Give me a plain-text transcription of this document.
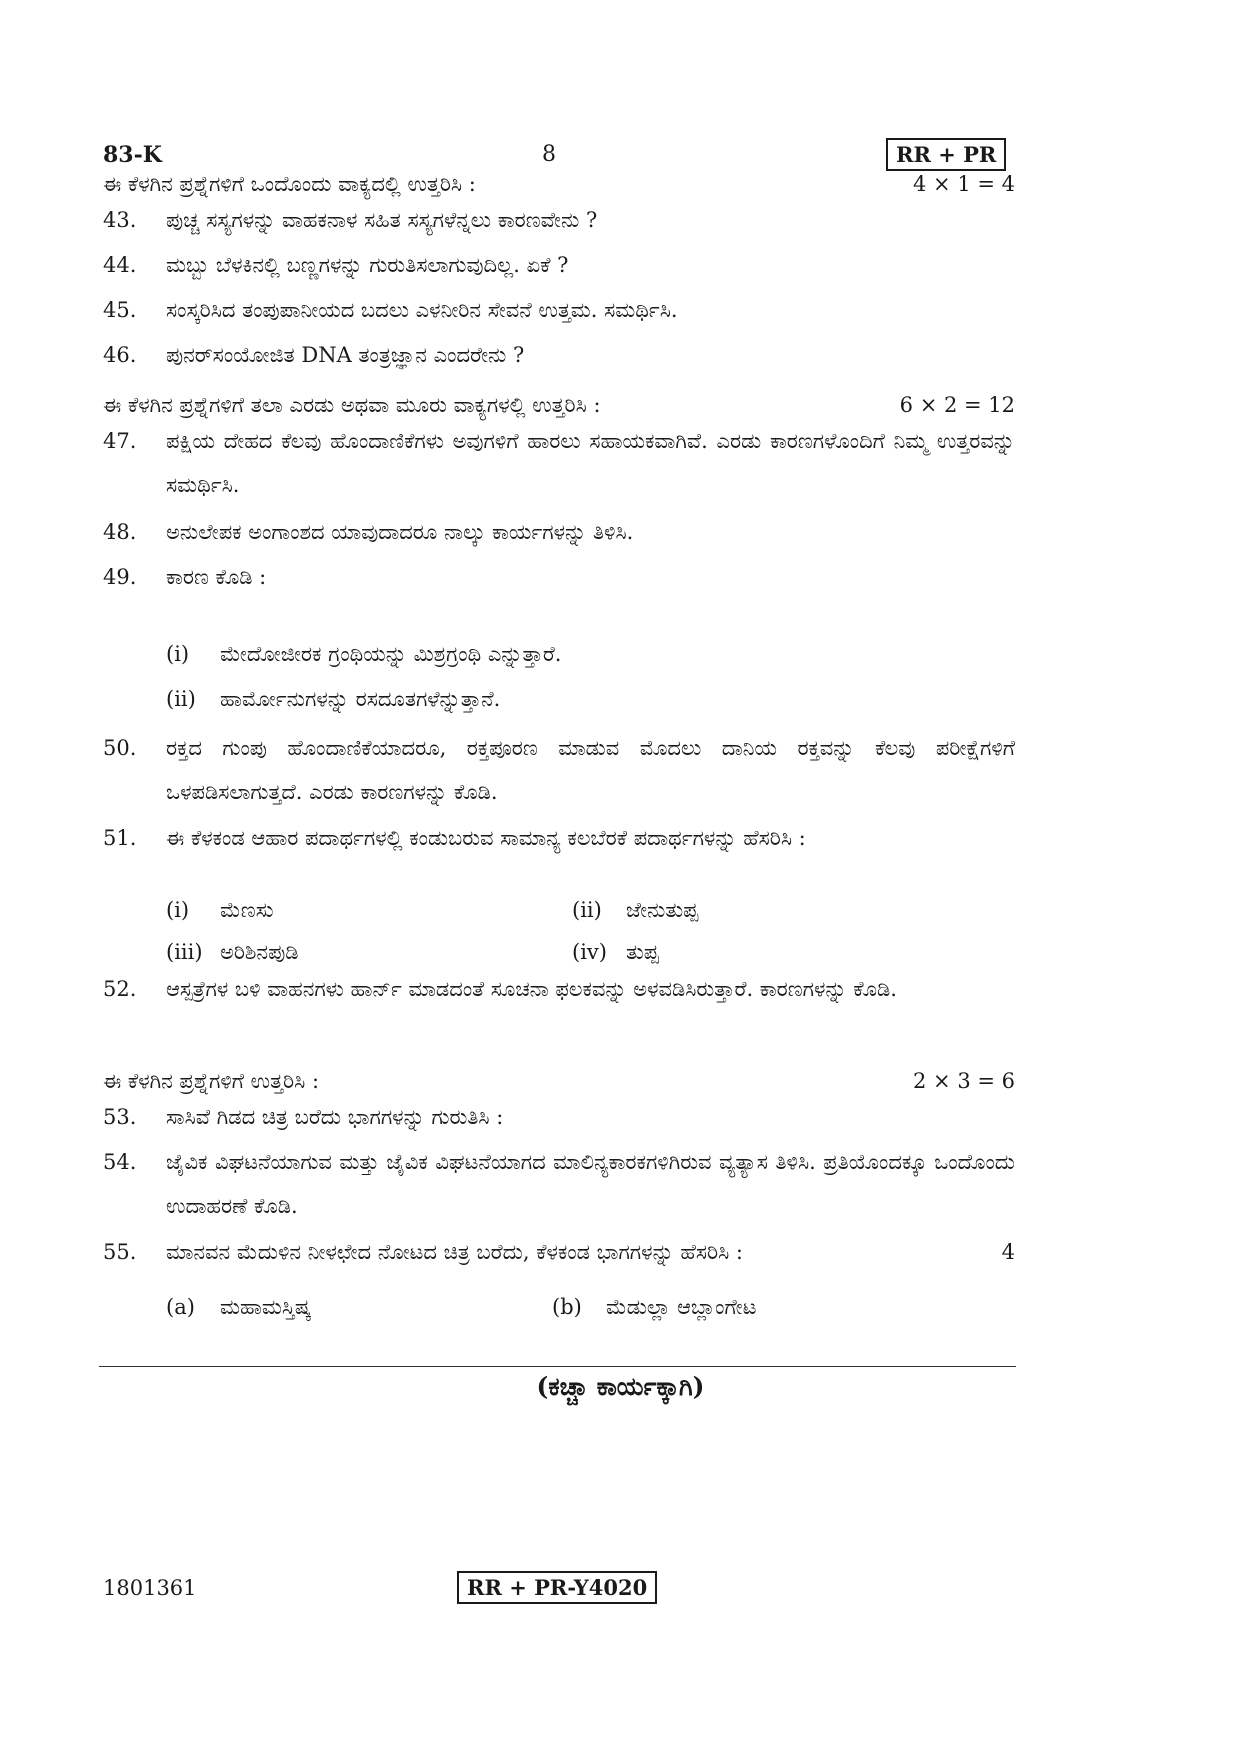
83-K	8	RR + PR
ಈ ಕೆಳಗಿನ ಪ್ರಶ್ನೆಗಳಿಗೆ ಒಂದೊಂದು ವಾಕ್ಯದಲ್ಲಿ ಉತ್ತರಿಸಿ :	4 × 1 = 4
43.	ಪುಚ್ಚ ಸಸ್ಯಗಳನ್ನು ವಾಹಕನಾಳ ಸಹಿತ ಸಸ್ಯಗಳೆನ್ನಲು ಕಾರಣವೇನು ?
44.	ಮಬ್ಬು ಬೆಳಕಿನಲ್ಲಿ ಬಣ್ಣಗಳನ್ನು ಗುರುತಿಸಲಾಗುವುದಿಲ್ಲ. ಏಕೆ ?
45.	ಸಂಸ್ಕರಿಸಿದ ತಂಪುಪಾನೀಯದ ಬದಲು ಎಳನೀರಿನ ಸೇವನೆ ಉತ್ತಮ. ಸಮರ್ಥಿಸಿ.
46.	ಪುನರ್‌ಸಂಯೋಜಿತ DNA ತಂತ್ರಜ್ಞಾನ ಎಂದರೇನು ?
ಈ ಕೆಳಗಿನ ಪ್ರಶ್ನೆಗಳಿಗೆ ತಲಾ ಎರಡು ಅಥವಾ ಮೂರು ವಾಕ್ಯಗಳಲ್ಲಿ ಉತ್ತರಿಸಿ :	6 × 2 = 12
47.	ಪಕ್ಷಿಯ ದೇಹದ ಕೆಲವು ಹೊಂದಾಣಿಕೆಗಳು ಅವುಗಳಿಗೆ ಹಾರಲು ಸಹಾಯಕವಾಗಿವೆ. ಎರಡು ಕಾರಣಗಳೊಂದಿಗೆ ನಿಮ್ಮ ಉತ್ತರವನ್ನು ಸಮರ್ಥಿಸಿ.
48.	ಅನುಲೇಪಕ ಅಂಗಾಂಶದ ಯಾವುದಾದರೂ ನಾಲ್ಕು ಕಾರ್ಯಗಳನ್ನು ತಿಳಿಸಿ.
49.	ಕಾರಣ ಕೊಡಿ :
(i) ಮೇದೋಜೀರಕ ಗ್ರಂಥಿಯನ್ನು ಮಿಶ್ರಗ್ರಂಥಿ ಎನ್ನುತ್ತಾರೆ.
(ii) ಹಾರ್ಮೋನುಗಳನ್ನು ರಸದೂತಗಳೆನ್ನುತ್ತಾನೆ.
50.	ರಕ್ತದ ಗುಂಪು ಹೊಂದಾಣಿಕೆಯಾದರೂ, ರಕ್ತಪೂರಣ ಮಾಡುವ ಮೊದಲು ದಾನಿಯ ರಕ್ತವನ್ನು ಕೆಲವು ಪರೀಕ್ಷೆಗಳಿಗೆ ಒಳಪಡಿಸಲಾಗುತ್ತದೆ. ಎರಡು ಕಾರಣಗಳನ್ನು ಕೊಡಿ.
51.	ಈ ಕೆಳಕಂಡ ಆಹಾರ ಪದಾರ್ಥಗಳಲ್ಲಿ ಕಂಡುಬರುವ ಸಾಮಾನ್ಯ ಕಲಬೆರಕೆ ಪದಾರ್ಥಗಳನ್ನು ಹೆಸರಿಸಿ :
(i) ಮೆಣಸು	(ii) ಜೇನುತುಪ್ಪ
(iii) ಅರಿಶಿನಪುಡಿ	(iv) ತುಪ್ಪ
52.	ಆಸ್ಪತ್ರೆಗಳ ಬಳಿ ವಾಹನಗಳು ಹಾರ್ನ್ ಮಾಡದಂತೆ ಸೂಚನಾ ಫಲಕವನ್ನು ಅಳವಡಿಸಿರುತ್ತಾರೆ. ಕಾರಣಗಳನ್ನು ಕೊಡಿ.
ಈ ಕೆಳಗಿನ ಪ್ರಶ್ನೆಗಳಿಗೆ ಉತ್ತರಿಸಿ :	2 × 3 = 6
53.	ಸಾಸಿವೆ ಗಿಡದ ಚಿತ್ರ ಬರೆದು ಭಾಗಗಳನ್ನು ಗುರುತಿಸಿ :
54.	ಜೈವಿಕ ವಿಘಟನೆಯಾಗುವ ಮತ್ತು ಜೈವಿಕ ವಿಘಟನೆಯಾಗದ ಮಾಲಿನ್ಯಕಾರಕಗಳಿಗಿರುವ ವ್ಯತ್ಯಾಸ ತಿಳಿಸಿ. ಪ್ರತಿಯೊಂದಕ್ಕೂ ಒಂದೊಂದು ಉದಾಹರಣೆ ಕೊಡಿ.
55.	ಮಾನವನ ಮೆದುಳಿನ ನೀಳಛೇದ ನೋಟದ ಚಿತ್ರ ಬರೆದು, ಕೆಳಕಂಡ ಭಾಗಗಳನ್ನು ಹೆಸರಿಸಿ :	4
(a) ಮಹಾಮಸ್ತಿಷ್ಕ	(b) ಮೆಡುಲ್ಲಾ ಆಬ್ಲಾಂಗೇಟ
(ಕಚ್ಚಾ ಕಾರ್ಯಕ್ಕಾಗಿ)
1801361	RR + PR-Y4020
